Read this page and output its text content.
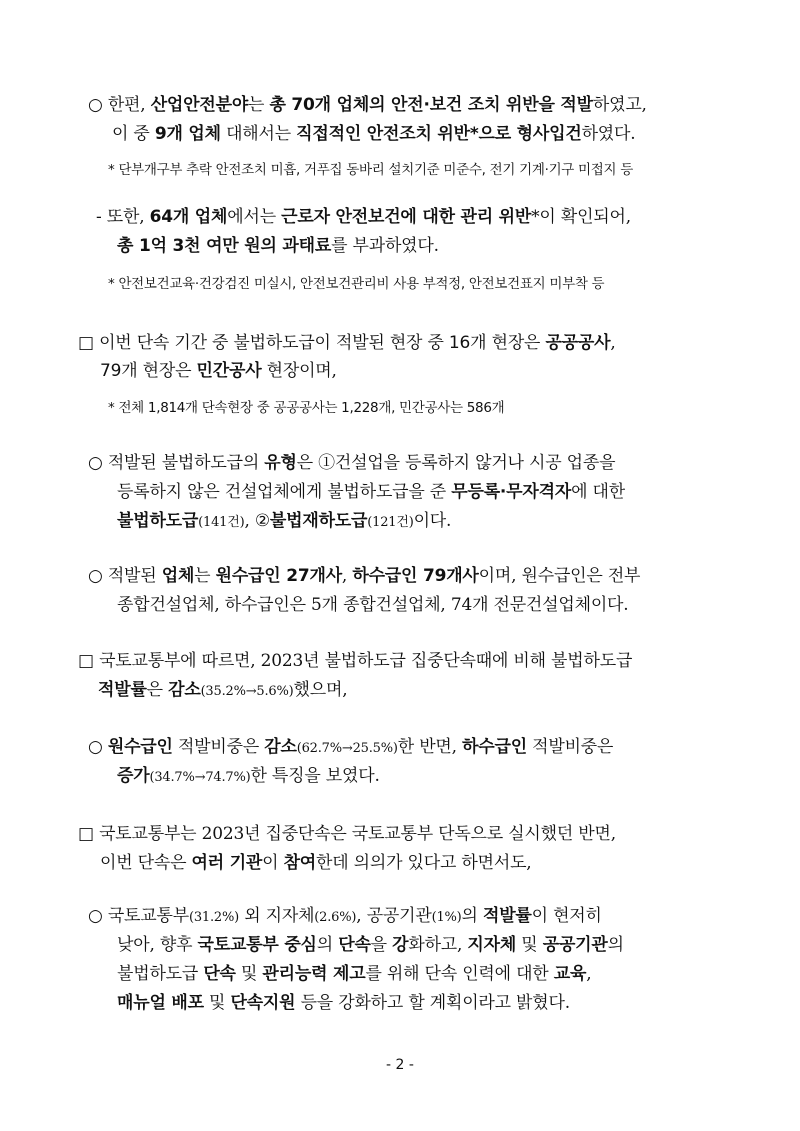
○ 한편, 산업안전분야는 총 70개 업체의 안전·보건 조치 위반을 적발하였고,
이 중 9개 업체 대해서는 직접적인 안전조치 위반*으로 형사입건하였다.
* 단부개구부 추락 안전조치 미흡, 거푸집 동바리 설치기준 미준수, 전기 기계·기구 미접지 등
- 또한, 64개 업체에서는 근로자 안전보건에 대한 관리 위반*이 확인되어,
총 1억 3천 여만 원의 과태료를 부과하였다.
* 안전보건교육·건강검진 미실시, 안전보건관리비 사용 부적정, 안전보건표지 미부착 등
□ 이번 단속 기간 중 불법하도급이 적발된 현장 중 16개 현장은 공공공사,
79개 현장은 민간공사 현장이며,
* 전체 1,814개 단속현장 중 공공공사는 1,228개, 민간공사는 586개
○ 적발된 불법하도급의 유형은 ①건설업을 등록하지 않거나 시공 업종을
등록하지 않은 건설업체에게 불법하도급을 준 무등록·무자격자에 대한
불법하도급(141건), ②불법재하도급(121건)이다.
○ 적발된 업체는 원수급인 27개사, 하수급인 79개사이며, 원수급인은 전부
종합건설업체, 하수급인은 5개 종합건설업체, 74개 전문건설업체이다.
□ 국토교통부에 따르면, 2023년 불법하도급 집중단속때에 비해 불법하도급
적발률은 감소(35.2%→5.6%)했으며,
○ 원수급인 적발비중은 감소(62.7%→25.5%)한 반면, 하수급인 적발비중은
증가(34.7%→74.7%)한 특징을 보였다.
□ 국토교통부는 2023년 집중단속은 국토교통부 단독으로 실시했던 반면,
이번 단속은 여러 기관이 참여한데 의의가 있다고 하면서도,
○ 국토교통부(31.2%) 외 지자체(2.6%), 공공기관(1%)의 적발률이 현저히
낮아, 향후 국토교통부 중심의 단속을 강화하고, 지자체 및 공공기관의
불법하도급 단속 및 관리능력 제고를 위해 단속 인력에 대한 교육,
매뉴얼 배포 및 단속지원 등을 강화하고 할 계획이라고 밝혔다.
- 2 -
